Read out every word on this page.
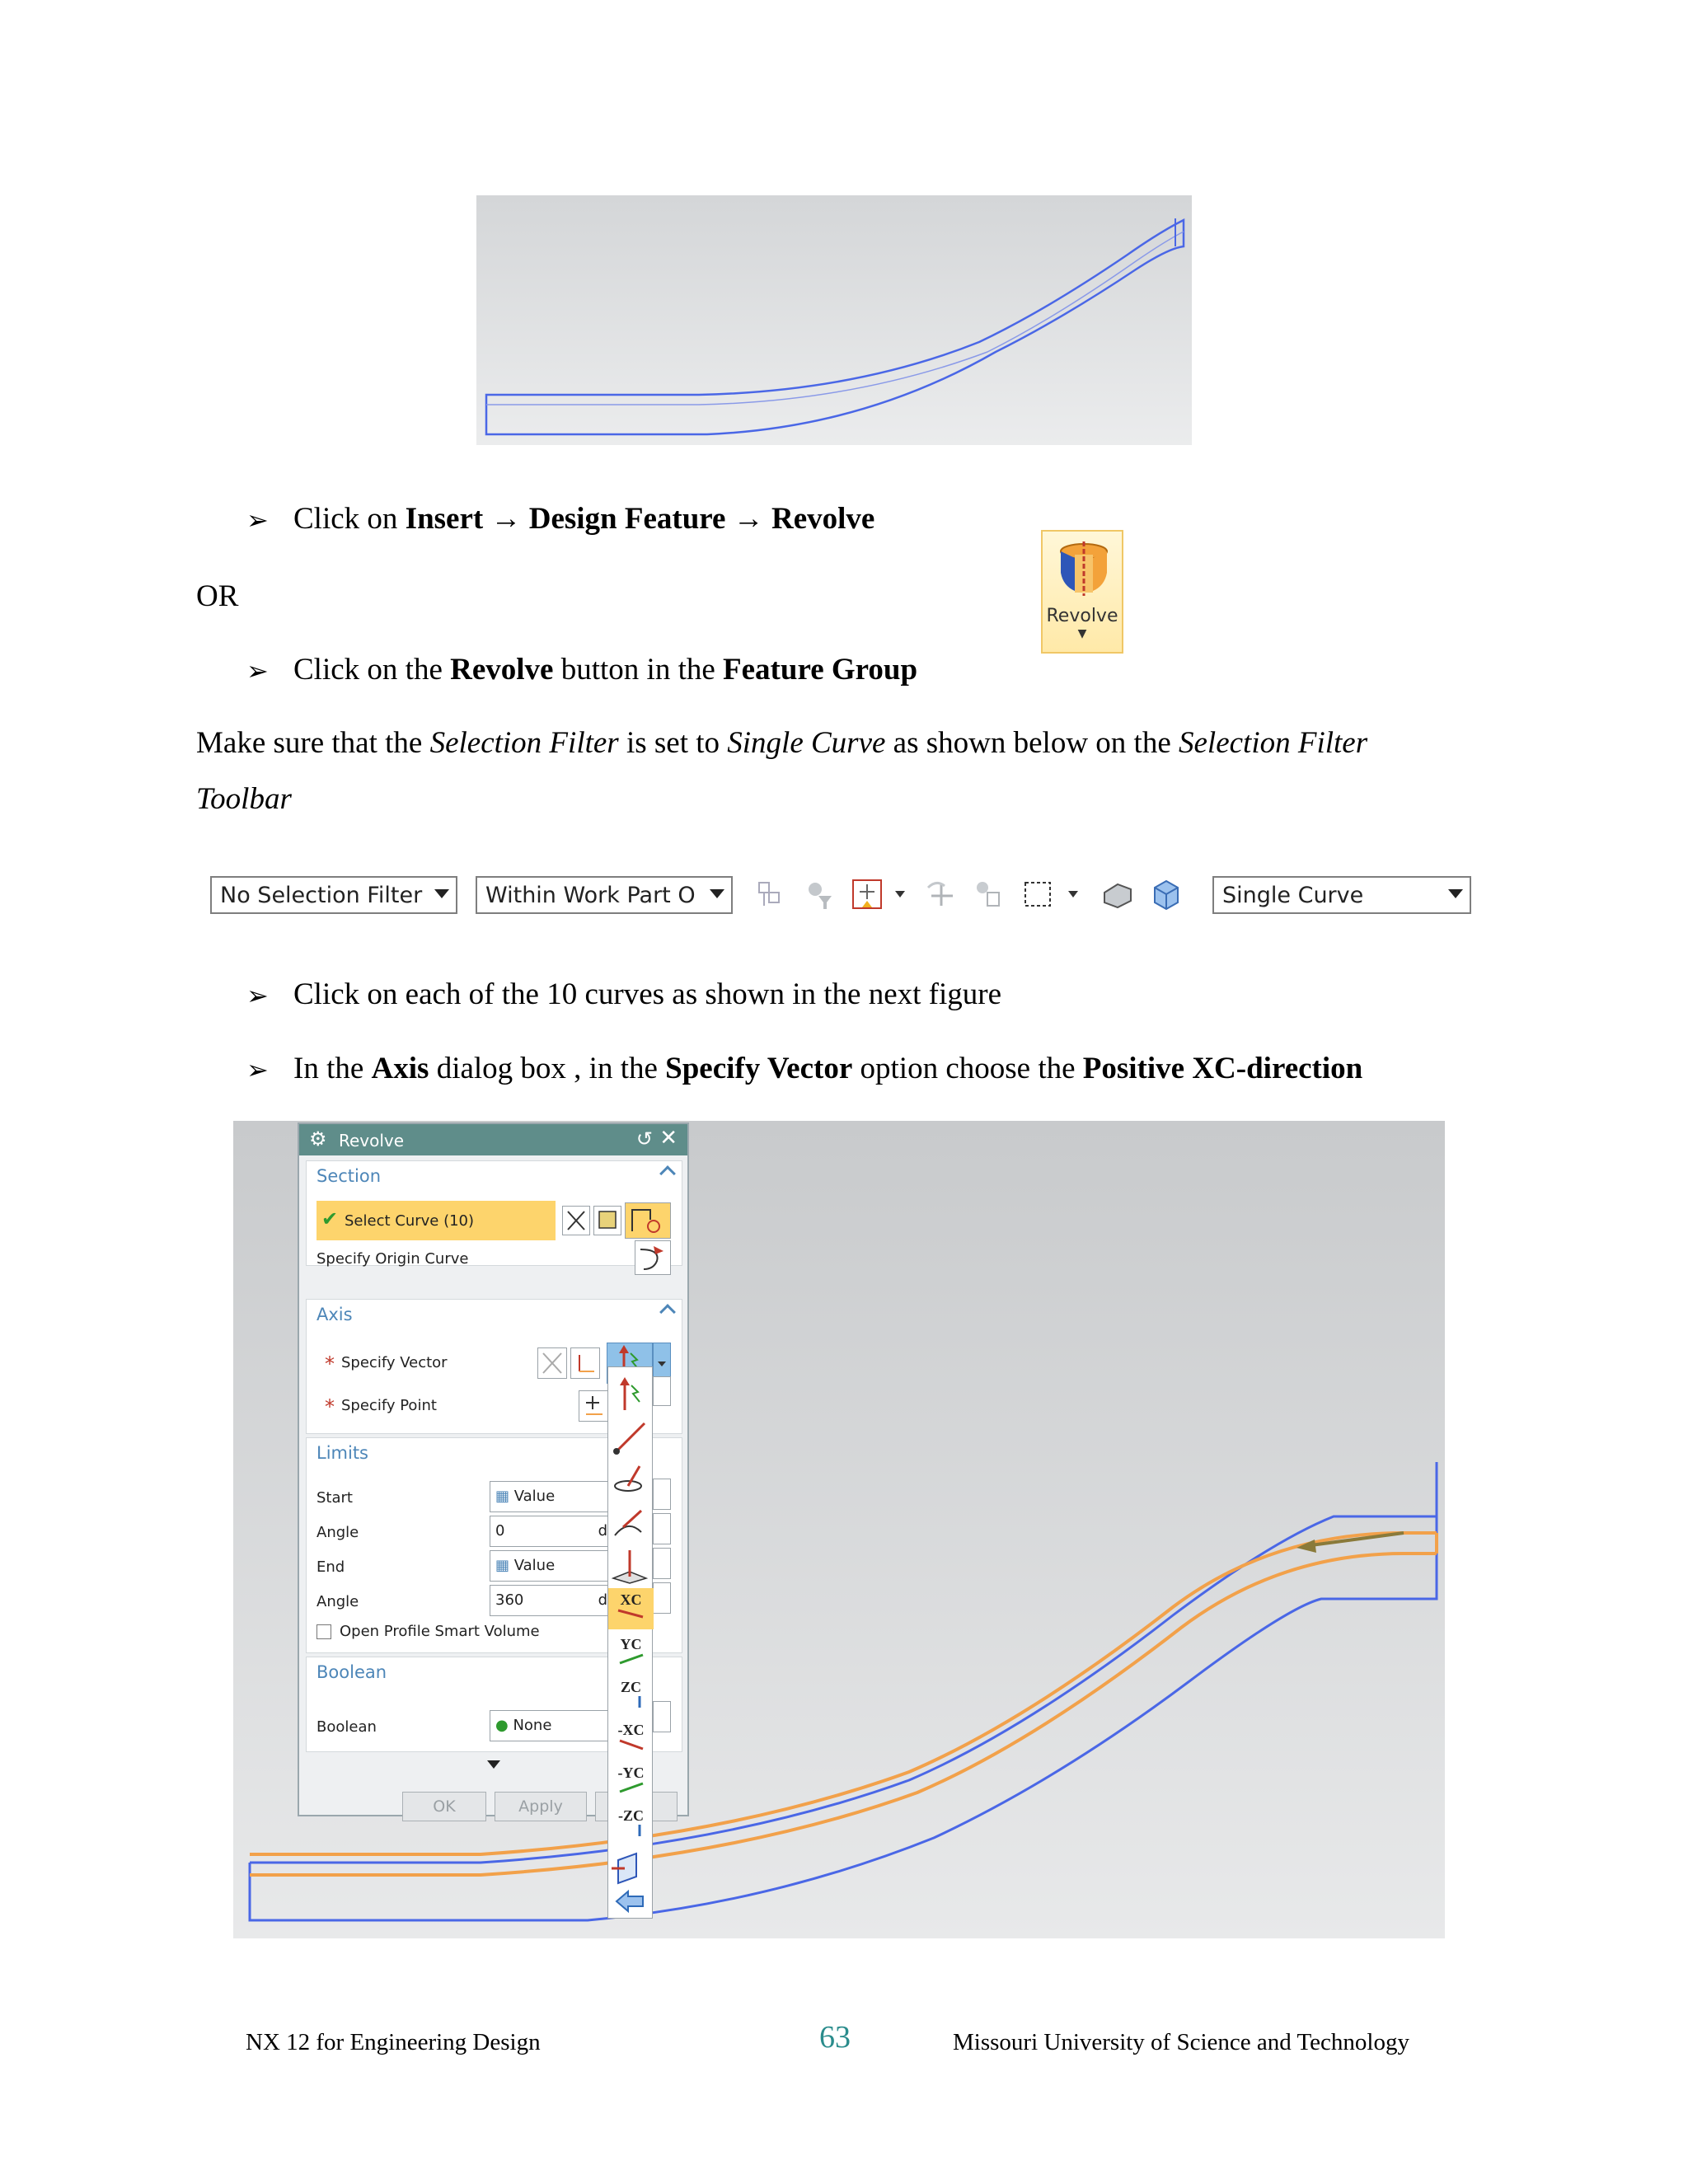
➢ Click on Insert → Design Feature → Revolve
OR
Revolve
▼
➢ Click on the Revolve button in the Feature Group
Make sure that the Selection Filter is set to Single Curve as shown below on the Selection Filter
Toolbar
No Selection Filter	Within Work Part O	Single Curve
➢ Click on each of the 10 curves as shown in the next figure
➢ In the Axis dialog box , in the Specify Vector option choose the Positive XC-direction
⚙ Revolve	↺ ✕
Section
✔ Select Curve (10)
Specify Origin Curve
Axis
* Specify Vector
* Specify Point
Limits
Start	▦ Value
Angle	0	d
End	▦ Value
Angle	360	d
Open Profile Smart Volume
Boolean
Boolean	● None
OK	Apply
XC
YC
ZC
-XC
-YC
-ZC
NX 12 for Engineering Design	63	Missouri University of Science and Technology
